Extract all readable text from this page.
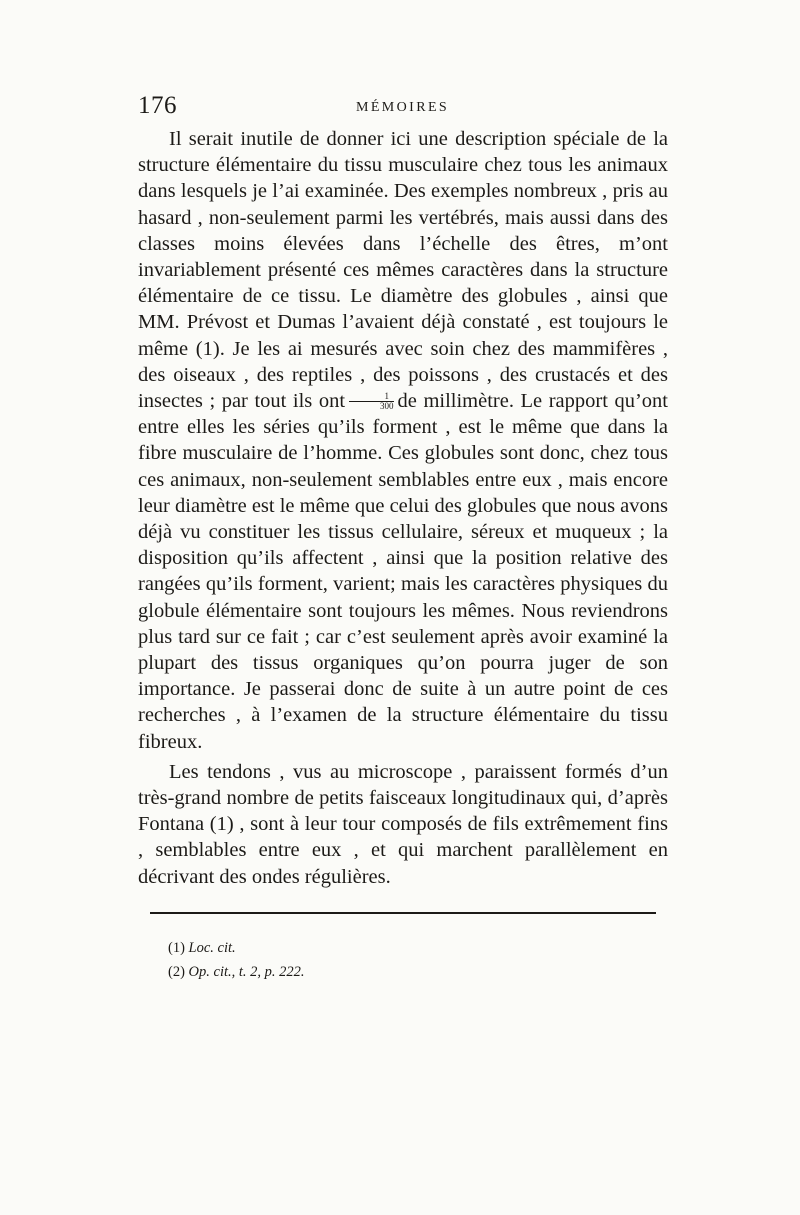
176	MÉMOIRES

Il serait inutile de donner ici une description spéciale de la structure élémentaire du tissu musculaire chez tous les animaux dans lesquels je l’ai examinée. Des exemples nombreux , pris au hasard , non-seulement parmi les vertébrés, mais aussi dans des classes moins élevées dans l’échelle des êtres, m’ont invariablement présenté ces mêmes caractères dans la structure élémentaire de ce tissu. Le diamètre des globules , ainsi que MM. Prévost et Dumas l’avaient déjà constaté , est toujours le même (1). Je les ai mesurés avec soin chez des mammifères , des oiseaux , des reptiles , des poissons , des crustacés et des insectes ; par tout ils ont $\frac{1}{300}$ de millimètre. Le rapport qu’ont entre elles les séries qu’ils forment , est le même que dans la fibre musculaire de l’homme. Ces globules sont donc, chez tous ces animaux, non-seulement semblables entre eux , mais encore leur diamètre est le même que celui des globules que nous avons déjà vu constituer les tissus cellulaire, séreux et muqueux ; la disposition qu’ils affectent , ainsi que la position relative des rangées qu’ils forment, varient; mais les caractères physiques du globule élémentaire sont toujours les mêmes. Nous reviendrons plus tard sur ce fait ; car c’est seulement après avoir examiné la plupart des tissus organiques qu’on pourra juger de son importance. Je passerai donc de suite à un autre point de ces recherches , à l’examen de la structure élémentaire du tissu fibreux.

Les tendons , vus au microscope , paraissent formés d’un très-grand nombre de petits faisceaux longitudinaux qui, d’après Fontana (1) , sont à leur tour composés de fils extrêmement fins , semblables entre eux , et qui marchent parallèlement en décrivant des ondes régulières.

(1) Loc. cit.
(2) Op. cit., t. 2, p. 222.
